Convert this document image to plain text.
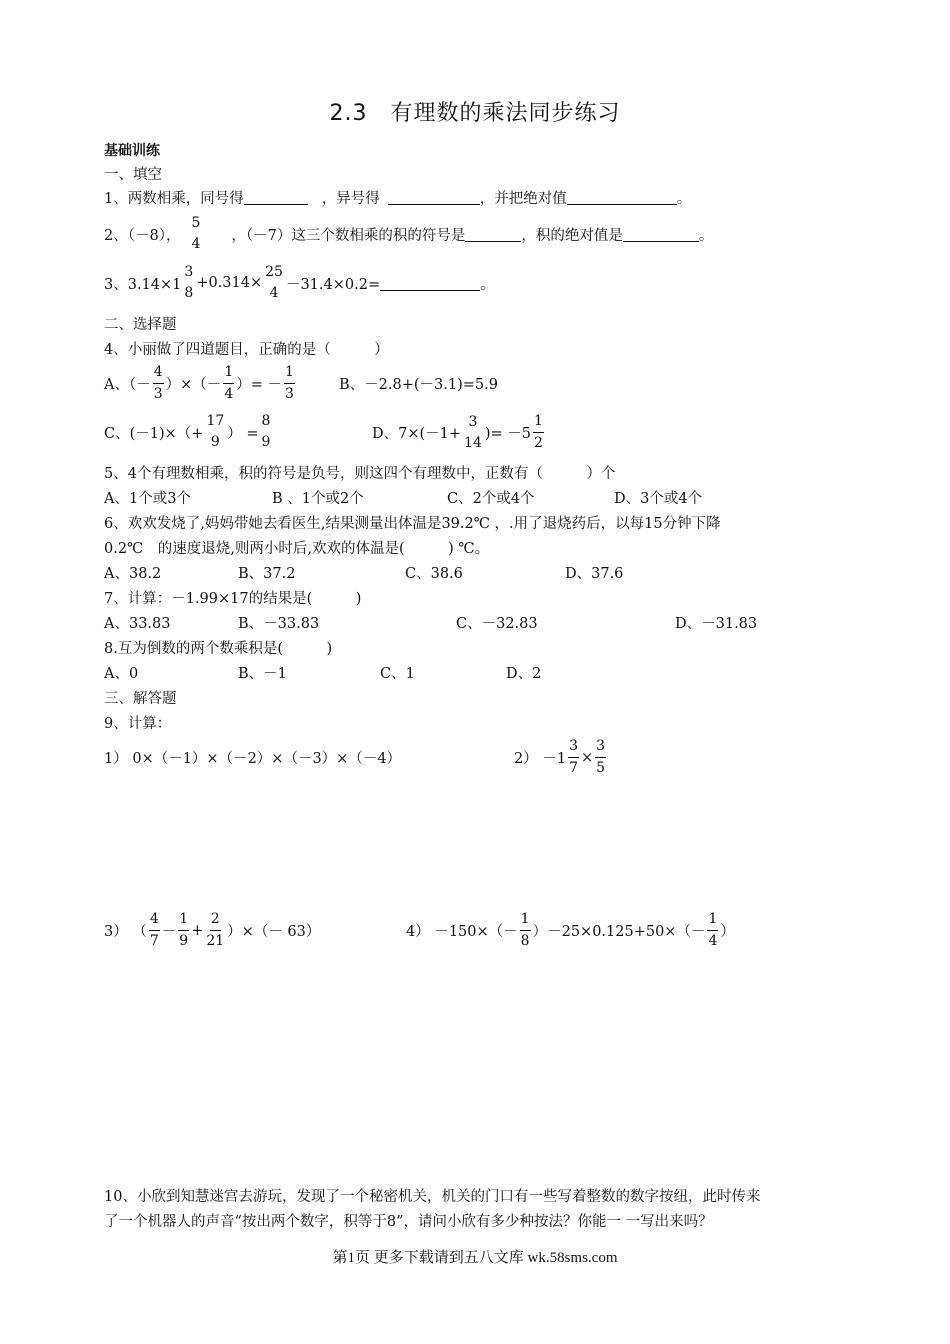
2.3　有理数的乘法同步练习
基础训练
一、填空
1、两数相乘，同号得	，异号得	，并把绝对值	。
2、（－8），
5
4
，（－7）这三个数相乘的积的符号是	，积的绝对值是	。
3、3.14×1
3
8
+0.314×
25
4
－31.4×0.2=	。
二、选择题
4、小丽做了四道题目，正确的是（　　　）
A、（－ $\frac{4}{3}$ ）×（－ $\frac{1}{4}$ ）= － $\frac{1}{3}$	B、－2.8+(－3.1)=5.9
C、(－1)×（+
17
9
） =
8
9	D、7×(－1+
3
14
)= $-5 \frac{1}{2}$
5、4个有理数相乘，积的符号是负号，则这四个有理数中，正数有（　　　）个
A、1个或3个	B 、1个或2个	C、2个或4个	D、3个或4个
6、欢欢发烧了,妈妈带她去看医生,结果测量出体温是39.2℃ ，.用了退烧药后，以每15分钟下降
0.2℃　的速度退烧,则两小时后,欢欢的体温是(　　　) ℃。
A、38.2	B、37.2	C、38.6	D、37.6
7、计算：－1.99×17的结果是(　　　)
A、33.83	B、－33.83	C、－32.83	D、－31.83
8.互为倒数的两个数乘积是(　　　)
A、0	B、－1	C、1	D、2
三、解答题
9、计算：
1） 0×（－1）×（－2）×（－3）×（－4）	$2) -1 \frac{3}{7} \times \frac{3}{5}$
3） （ $\frac{4}{7} - \frac{1}{9} + \frac{2}{21}$ ）×（－ 63）	$4) -150\times(- \frac{1}{8} )-25\times 0.125+50\times(- \frac{1}{4}$ ）
10、小欣到知慧迷宫去游玩，发现了一个秘密机关，机关的门口有一些写着整数的数字按纽，此时传来
了一个机器人的声音“按出两个数字，积等于8”，请问小欣有多少种按法？你能一 一写出来吗？
第1页 更多下载请到五八文库 wk.58sms.com
